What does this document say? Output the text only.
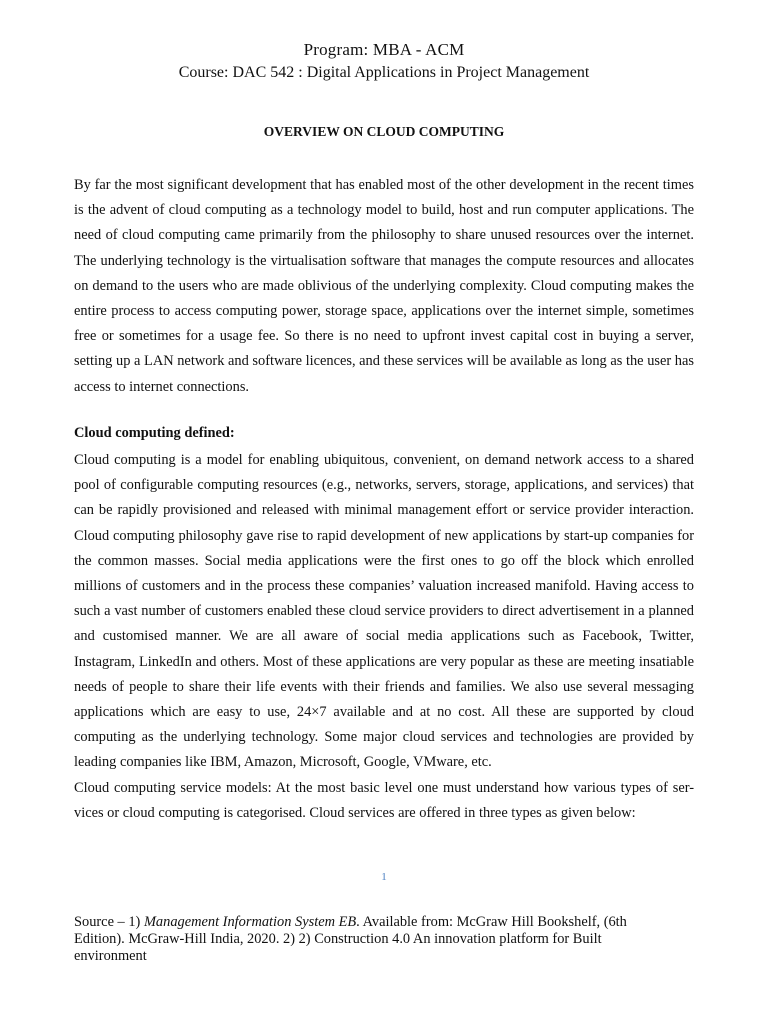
Program: MBA - ACM
Course: DAC 542 : Digital Applications in Project Management
OVERVIEW ON CLOUD COMPUTING

By far the most significant development that has enabled most of the other development in the recent times is the advent of cloud computing as a technology model to build, host and run computer applications. The need of cloud computing came primarily from the philosophy to share unused resources over the internet. The underlying technology is the virtualisation software that manages the compute resources and allocates on demand to the users who are made oblivious of the underlying complexity. Cloud computing makes the entire process to access computing power, storage space, applications over the internet simple, sometimes free or sometimes for a usage fee. So there is no need to upfront invest capital cost in buying a server, setting up a LAN network and software licences, and these services will be available as long as the user has access to internet connections.

Cloud computing defined:
Cloud computing is a model for enabling ubiquitous, convenient, on demand network access to a shared pool of configurable computing resources (e.g., networks, servers, storage, applications, and services) that can be rapidly provisioned and released with minimal management effort or service provider interaction. Cloud computing philosophy gave rise to rapid development of new applications by start-up companies for the common masses. Social media applications were the first ones to go off the block which enrolled millions of customers and in the process these companies’ valuation increased manifold. Having access to such a vast number of customers enabled these cloud service providers to direct advertisement in a planned and customised manner. We are all aware of social media applications such as Facebook, Twitter, Instagram, LinkedIn and others. Most of these applications are very popular as these are meeting insatiable needs of people to share their life events with their friends and families. We also use several messaging applications which are easy to use, 24×7 available and at no cost. All these are supported by cloud computing as the underlying technology. Some major cloud services and technologies are provided by leading companies like IBM, Amazon, Microsoft, Google, VMware, etc.
Cloud computing service models: At the most basic level one must understand how various types of ser-vices or cloud computing is categorised. Cloud services are offered in three types as given below:
1
Source – 1) Management Information System EB. Available from: McGraw Hill Bookshelf, (6th Edition). McGraw-Hill India, 2020. 2) 2) Construction 4.0 An innovation platform for Built environment
